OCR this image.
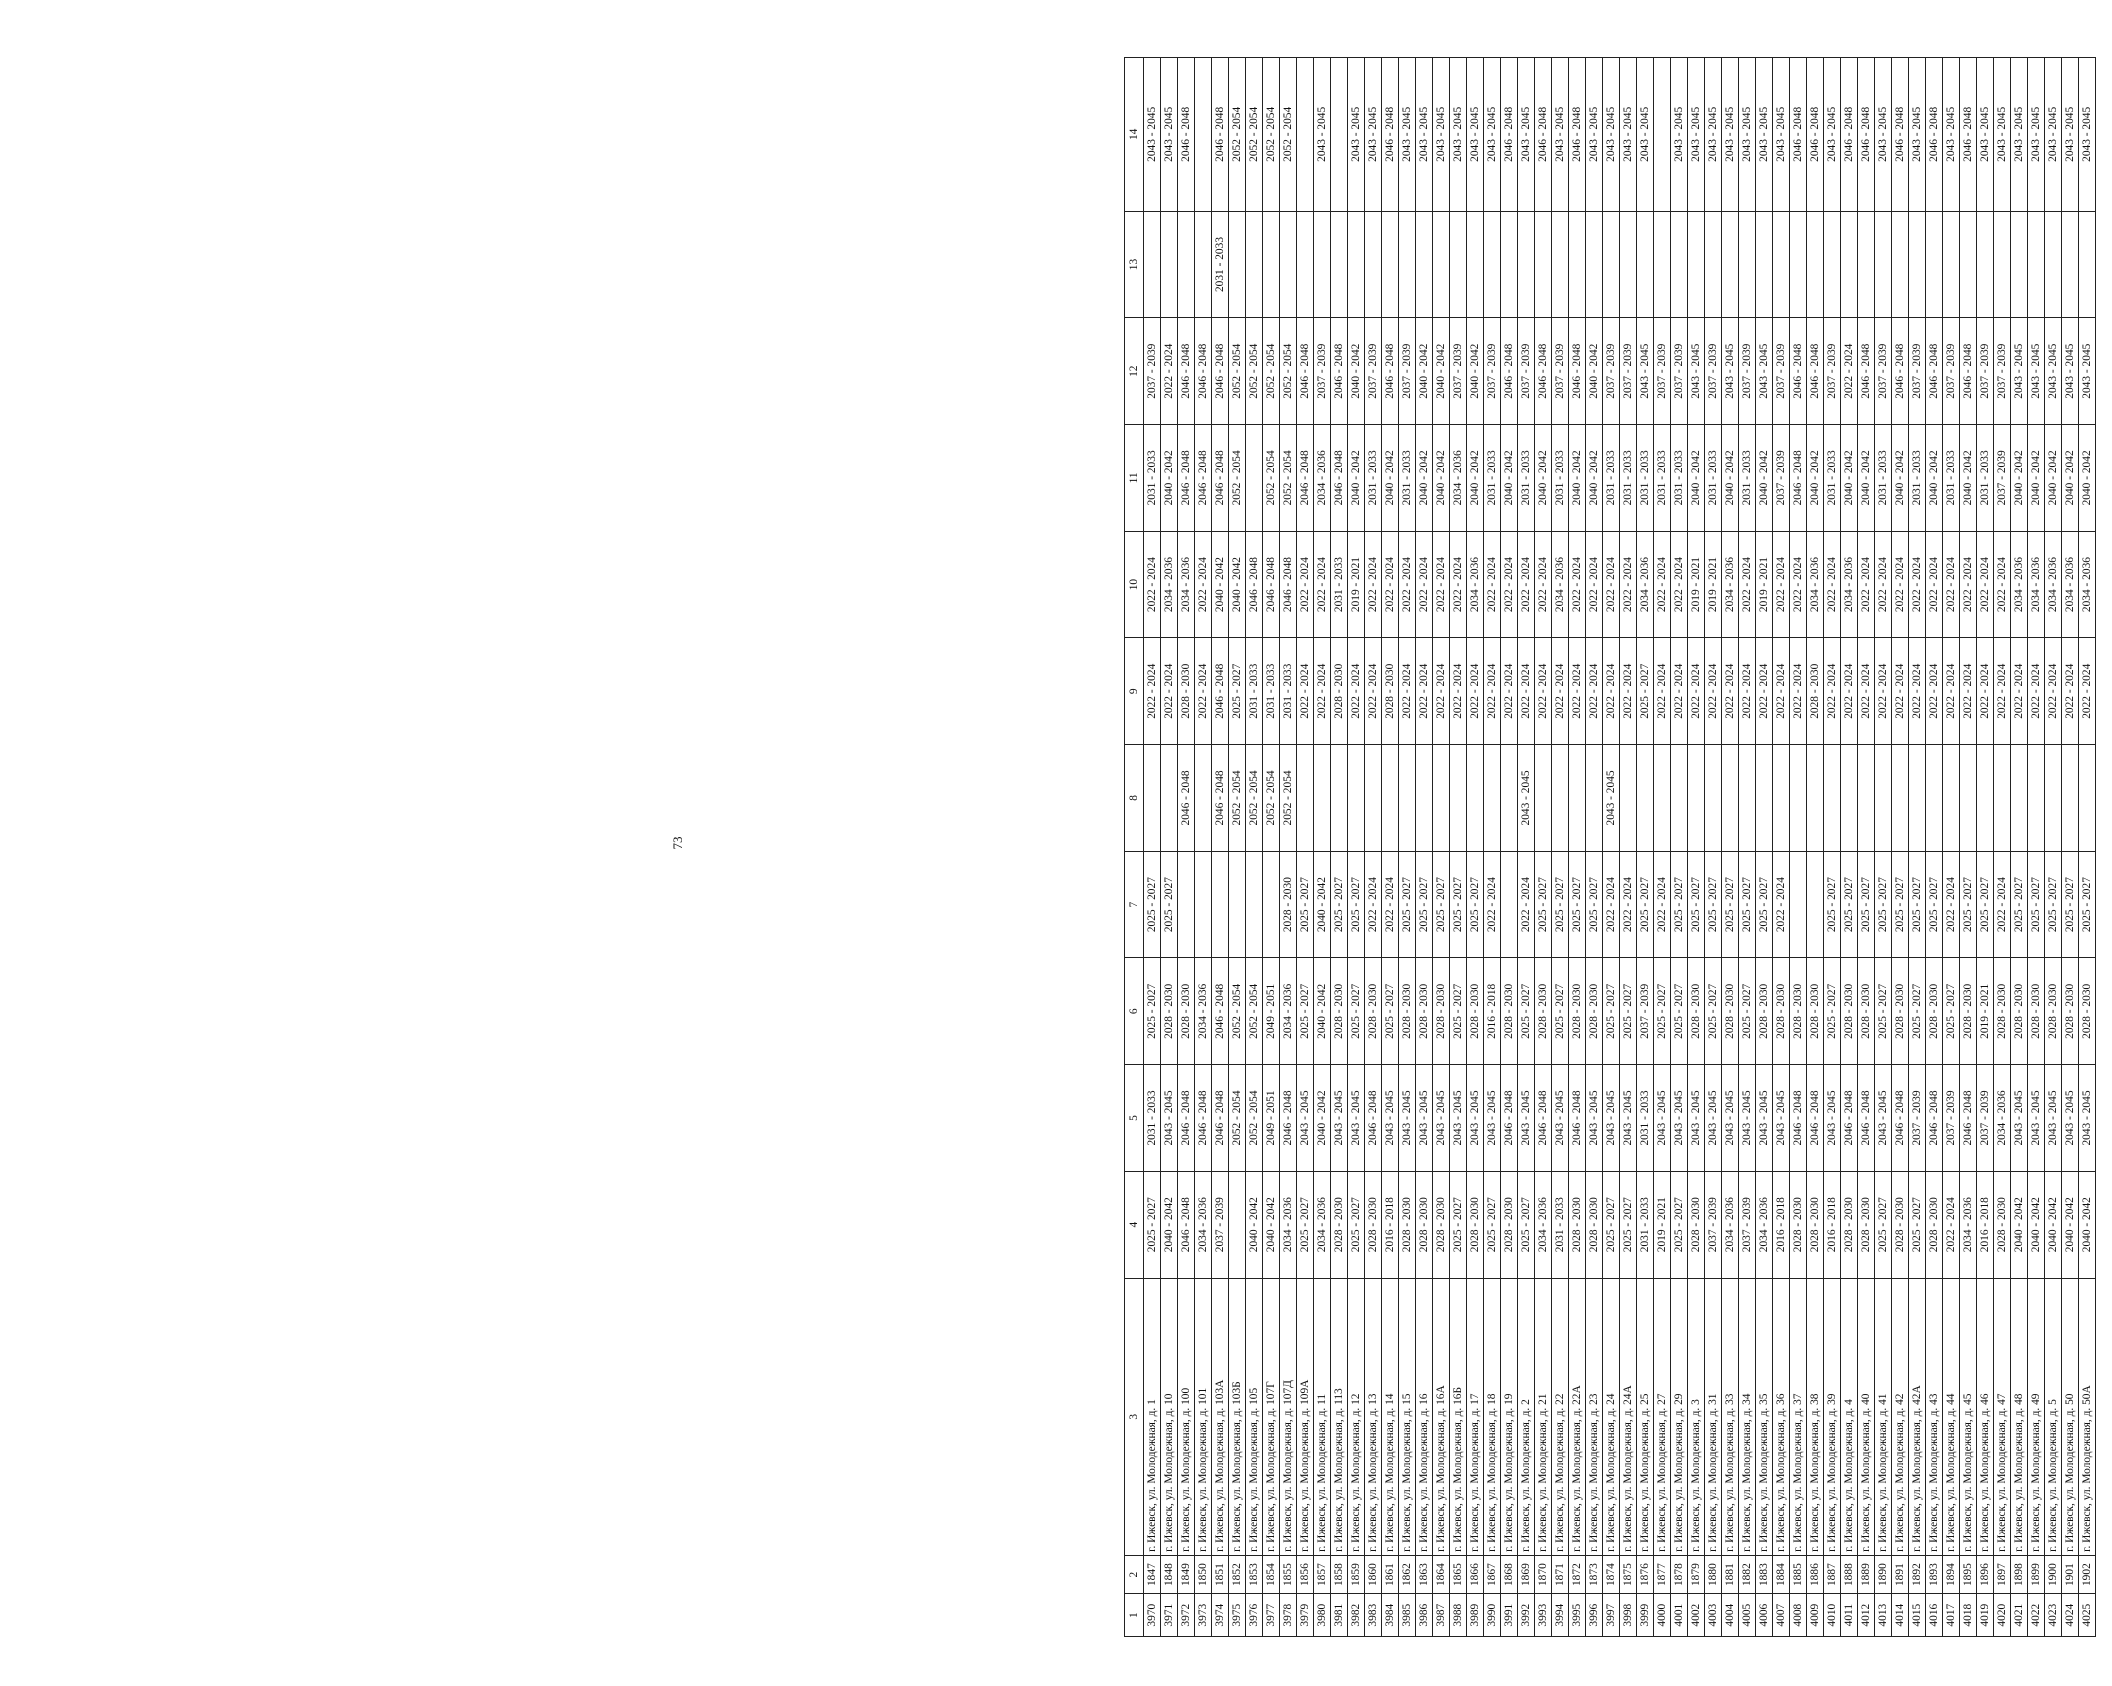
73
1	2	3	4	5	6	7	8	9	10	11	12	13	14
3970	1847	г. Ижевск, ул. Молодежная, д. 1	2025 - 2027	2031 - 2033	2025 - 2027	2025 - 2027		2022 - 2024	2022 - 2024	2031 - 2033	2037 - 2039		2043 - 2045
3971	1848	г. Ижевск, ул. Молодежная, д. 10	2040 - 2042	2043 - 2045	2028 - 2030	2025 - 2027		2022 - 2024	2034 - 2036	2040 - 2042	2022 - 2024		2043 - 2045
3972	1849	г. Ижевск, ул. Молодежная, д. 100	2046 - 2048	2046 - 2048	2028 - 2030		2046 - 2048	2028 - 2030	2034 - 2036	2046 - 2048	2046 - 2048		2046 - 2048
3973	1850	г. Ижевск, ул. Молодежная, д. 101	2034 - 2036	2046 - 2048	2034 - 2036			2022 - 2024	2022 - 2024	2046 - 2048	2046 - 2048		
3974	1851	г. Ижевск, ул. Молодежная, д. 103А	2037 - 2039	2046 - 2048	2046 - 2048		2046 - 2048	2046 - 2048	2040 - 2042	2046 - 2048	2046 - 2048	2031 - 2033	2046 - 2048
3975	1852	г. Ижевск, ул. Молодежная, д. 103Б		2052 - 2054	2052 - 2054		2052 - 2054	2025 - 2027	2040 - 2042	2052 - 2054	2052 - 2054		2052 - 2054
3976	1853	г. Ижевск, ул. Молодежная, д. 105	2040 - 2042	2052 - 2054	2052 - 2054		2052 - 2054	2031 - 2033	2046 - 2048		2052 - 2054		2052 - 2054
3977	1854	г. Ижевск, ул. Молодежная, д. 107Г	2040 - 2042	2049 - 2051	2049 - 2051		2052 - 2054	2031 - 2033	2046 - 2048	2052 - 2054	2052 - 2054		2052 - 2054
3978	1855	г. Ижевск, ул. Молодежная, д. 107Д	2034 - 2036	2046 - 2048	2034 - 2036	2028 - 2030	2052 - 2054	2031 - 2033	2046 - 2048	2052 - 2054	2052 - 2054		2052 - 2054
3979	1856	г. Ижевск, ул. Молодежная, д. 109А	2025 - 2027	2043 - 2045	2025 - 2027	2025 - 2027		2022 - 2024	2022 - 2024	2046 - 2048	2046 - 2048		
3980	1857	г. Ижевск, ул. Молодежная, д. 11	2034 - 2036	2040 - 2042	2040 - 2042	2040 - 2042		2022 - 2024	2022 - 2024	2034 - 2036	2037 - 2039		2043 - 2045
3981	1858	г. Ижевск, ул. Молодежная, д. 113	2028 - 2030	2043 - 2045	2028 - 2030	2025 - 2027		2028 - 2030	2031 - 2033	2046 - 2048	2046 - 2048		
3982	1859	г. Ижевск, ул. Молодежная, д. 12	2025 - 2027	2043 - 2045	2025 - 2027	2025 - 2027		2022 - 2024	2019 - 2021	2040 - 2042	2040 - 2042		2043 - 2045
3983	1860	г. Ижевск, ул. Молодежная, д. 13	2028 - 2030	2046 - 2048	2028 - 2030	2022 - 2024		2022 - 2024	2022 - 2024	2031 - 2033	2037 - 2039		2043 - 2045
3984	1861	г. Ижевск, ул. Молодежная, д. 14	2016 - 2018	2043 - 2045	2025 - 2027	2022 - 2024		2028 - 2030	2022 - 2024	2040 - 2042	2046 - 2048		2046 - 2048
3985	1862	г. Ижевск, ул. Молодежная, д. 15	2028 - 2030	2043 - 2045	2028 - 2030	2025 - 2027		2022 - 2024	2022 - 2024	2031 - 2033	2037 - 2039		2043 - 2045
3986	1863	г. Ижевск, ул. Молодежная, д. 16	2028 - 2030	2043 - 2045	2028 - 2030	2025 - 2027		2022 - 2024	2022 - 2024	2040 - 2042	2040 - 2042		2043 - 2045
3987	1864	г. Ижевск, ул. Молодежная, д. 16А	2028 - 2030	2043 - 2045	2028 - 2030	2025 - 2027		2022 - 2024	2022 - 2024	2040 - 2042	2040 - 2042		2043 - 2045
3988	1865	г. Ижевск, ул. Молодежная, д. 16Б	2025 - 2027	2043 - 2045	2025 - 2027	2025 - 2027		2022 - 2024	2022 - 2024	2034 - 2036	2037 - 2039		2043 - 2045
3989	1866	г. Ижевск, ул. Молодежная, д. 17	2028 - 2030	2043 - 2045	2028 - 2030	2025 - 2027		2022 - 2024	2034 - 2036	2040 - 2042	2040 - 2042		2043 - 2045
3990	1867	г. Ижевск, ул. Молодежная, д. 18	2025 - 2027	2043 - 2045	2016 - 2018	2022 - 2024		2022 - 2024	2022 - 2024	2031 - 2033	2037 - 2039		2043 - 2045
3991	1868	г. Ижевск, ул. Молодежная, д. 19	2028 - 2030	2046 - 2048	2028 - 2030			2022 - 2024	2022 - 2024	2040 - 2042	2046 - 2048		2046 - 2048
3992	1869	г. Ижевск, ул. Молодежная, д. 2	2025 - 2027	2043 - 2045	2025 - 2027	2022 - 2024	2043 - 2045	2022 - 2024	2022 - 2024	2031 - 2033	2037 - 2039		2043 - 2045
3993	1870	г. Ижевск, ул. Молодежная, д. 21	2034 - 2036	2046 - 2048	2028 - 2030	2025 - 2027		2022 - 2024	2022 - 2024	2040 - 2042	2046 - 2048		2046 - 2048
3994	1871	г. Ижевск, ул. Молодежная, д. 22	2031 - 2033	2043 - 2045	2025 - 2027	2025 - 2027		2022 - 2024	2034 - 2036	2031 - 2033	2037 - 2039		2043 - 2045
3995	1872	г. Ижевск, ул. Молодежная, д. 22А	2028 - 2030	2046 - 2048	2028 - 2030	2025 - 2027		2022 - 2024	2022 - 2024	2040 - 2042	2046 - 2048		2046 - 2048
3996	1873	г. Ижевск, ул. Молодежная, д. 23	2028 - 2030	2043 - 2045	2028 - 2030	2025 - 2027		2022 - 2024	2022 - 2024	2040 - 2042	2040 - 2042		2043 - 2045
3997	1874	г. Ижевск, ул. Молодежная, д. 24	2025 - 2027	2043 - 2045	2025 - 2027	2022 - 2024	2043 - 2045	2022 - 2024	2022 - 2024	2031 - 2033	2037 - 2039		2043 - 2045
3998	1875	г. Ижевск, ул. Молодежная, д. 24А	2025 - 2027	2043 - 2045	2025 - 2027	2022 - 2024		2022 - 2024	2022 - 2024	2031 - 2033	2037 - 2039		2043 - 2045
3999	1876	г. Ижевск, ул. Молодежная, д. 25	2031 - 2033	2031 - 2033	2037 - 2039	2025 - 2027		2025 - 2027	2034 - 2036	2031 - 2033	2043 - 2045		2043 - 2045
4000	1877	г. Ижевск, ул. Молодежная, д. 27	2019 - 2021	2043 - 2045	2025 - 2027	2022 - 2024		2022 - 2024	2022 - 2024	2031 - 2033	2037 - 2039		
4001	1878	г. Ижевск, ул. Молодежная, д. 29	2025 - 2027	2043 - 2045	2025 - 2027	2025 - 2027		2022 - 2024	2022 - 2024	2031 - 2033	2037 - 2039		2043 - 2045
4002	1879	г. Ижевск, ул. Молодежная, д. 3	2028 - 2030	2043 - 2045	2028 - 2030	2025 - 2027		2022 - 2024	2019 - 2021	2040 - 2042	2043 - 2045		2043 - 2045
4003	1880	г. Ижевск, ул. Молодежная, д. 31	2037 - 2039	2043 - 2045	2025 - 2027	2025 - 2027		2022 - 2024	2019 - 2021	2031 - 2033	2037 - 2039		2043 - 2045
4004	1881	г. Ижевск, ул. Молодежная, д. 33	2034 - 2036	2043 - 2045	2028 - 2030	2025 - 2027		2022 - 2024	2034 - 2036	2040 - 2042	2043 - 2045		2043 - 2045
4005	1882	г. Ижевск, ул. Молодежная, д. 34	2037 - 2039	2043 - 2045	2025 - 2027	2025 - 2027		2022 - 2024	2022 - 2024	2031 - 2033	2037 - 2039		2043 - 2045
4006	1883	г. Ижевск, ул. Молодежная, д. 35	2034 - 2036	2043 - 2045	2028 - 2030	2025 - 2027		2022 - 2024	2019 - 2021	2040 - 2042	2043 - 2045		2043 - 2045
4007	1884	г. Ижевск, ул. Молодежная, д. 36	2016 - 2018	2043 - 2045	2028 - 2030	2022 - 2024		2022 - 2024	2022 - 2024	2037 - 2039	2037 - 2039		2043 - 2045
4008	1885	г. Ижевск, ул. Молодежная, д. 37	2028 - 2030	2046 - 2048	2028 - 2030			2022 - 2024	2022 - 2024	2046 - 2048	2046 - 2048		2046 - 2048
4009	1886	г. Ижевск, ул. Молодежная, д. 38	2028 - 2030	2046 - 2048	2028 - 2030			2028 - 2030	2034 - 2036	2040 - 2042	2046 - 2048		2046 - 2048
4010	1887	г. Ижевск, ул. Молодежная, д. 39	2016 - 2018	2043 - 2045	2025 - 2027	2025 - 2027		2022 - 2024	2022 - 2024	2031 - 2033	2037 - 2039		2043 - 2045
4011	1888	г. Ижевск, ул. Молодежная, д. 4	2028 - 2030	2046 - 2048	2028 - 2030	2025 - 2027		2022 - 2024	2034 - 2036	2040 - 2042	2022 - 2024		2046 - 2048
4012	1889	г. Ижевск, ул. Молодежная, д. 40	2028 - 2030	2046 - 2048	2028 - 2030	2025 - 2027		2022 - 2024	2022 - 2024	2040 - 2042	2046 - 2048		2046 - 2048
4013	1890	г. Ижевск, ул. Молодежная, д. 41	2025 - 2027	2043 - 2045	2025 - 2027	2025 - 2027		2022 - 2024	2022 - 2024	2031 - 2033	2037 - 2039		2043 - 2045
4014	1891	г. Ижевск, ул. Молодежная, д. 42	2028 - 2030	2046 - 2048	2028 - 2030	2025 - 2027		2022 - 2024	2022 - 2024	2040 - 2042	2046 - 2048		2046 - 2048
4015	1892	г. Ижевск, ул. Молодежная, д. 42А	2025 - 2027	2037 - 2039	2025 - 2027	2025 - 2027		2022 - 2024	2022 - 2024	2031 - 2033	2037 - 2039		2043 - 2045
4016	1893	г. Ижевск, ул. Молодежная, д. 43	2028 - 2030	2046 - 2048	2028 - 2030	2025 - 2027		2022 - 2024	2022 - 2024	2040 - 2042	2046 - 2048		2046 - 2048
4017	1894	г. Ижевск, ул. Молодежная, д. 44	2022 - 2024	2037 - 2039	2025 - 2027	2022 - 2024		2022 - 2024	2022 - 2024	2031 - 2033	2037 - 2039		2043 - 2045
4018	1895	г. Ижевск, ул. Молодежная, д. 45	2034 - 2036	2046 - 2048	2028 - 2030	2025 - 2027		2022 - 2024	2022 - 2024	2040 - 2042	2046 - 2048		2046 - 2048
4019	1896	г. Ижевск, ул. Молодежная, д. 46	2016 - 2018	2037 - 2039	2019 - 2021	2025 - 2027		2022 - 2024	2022 - 2024	2031 - 2033	2037 - 2039		2043 - 2045
4020	1897	г. Ижевск, ул. Молодежная, д. 47	2028 - 2030	2034 - 2036	2028 - 2030	2022 - 2024		2022 - 2024	2022 - 2024	2037 - 2039	2037 - 2039		2043 - 2045
4021	1898	г. Ижевск, ул. Молодежная, д. 48	2040 - 2042	2043 - 2045	2028 - 2030	2025 - 2027		2022 - 2024	2034 - 2036	2040 - 2042	2043 - 2045		2043 - 2045
4022	1899	г. Ижевск, ул. Молодежная, д. 49	2040 - 2042	2043 - 2045	2028 - 2030	2025 - 2027		2022 - 2024	2034 - 2036	2040 - 2042	2043 - 2045		2043 - 2045
4023	1900	г. Ижевск, ул. Молодежная, д. 5	2040 - 2042	2043 - 2045	2028 - 2030	2025 - 2027		2022 - 2024	2034 - 2036	2040 - 2042	2043 - 2045		2043 - 2045
4024	1901	г. Ижевск, ул. Молодежная, д. 50	2040 - 2042	2043 - 2045	2028 - 2030	2025 - 2027		2022 - 2024	2034 - 2036	2040 - 2042	2043 - 2045		2043 - 2045
4025	1902	г. Ижевск, ул. Молодежная, д. 50А	2040 - 2042	2043 - 2045	2028 - 2030	2025 - 2027		2022 - 2024	2034 - 2036	2040 - 2042	2043 - 2045		2043 - 2045
